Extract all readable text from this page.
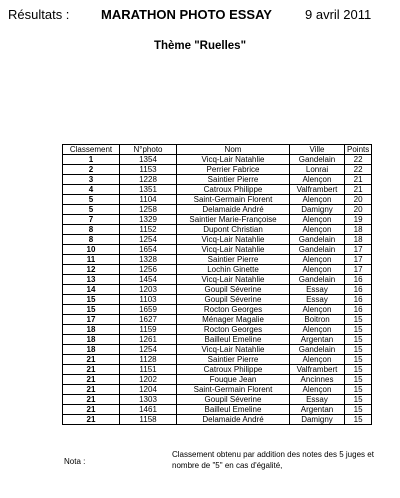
Résultats : MARATHON PHOTO ESSAY	9 avril 2011
Thème "Ruelles"
Classement	N°photo	Nom	Ville	Points
1	1354	Vicq-Lair Natahlie	Gandelain	22
2	1153	Perrier Fabrice	Lonrai	22
3	1228	Saintier Pierre	Alençon	21
4	1351	Catroux Philippe	Valframbert	21
5	1104	Saint-Germain Florent	Alençon	20
5	1258	Delamaide André	Damigny	20
7	1329	Saintier Marie-Françoise	Alençon	19
8	1152	Dupont Christian	Alençon	18
8	1254	Vicq-Lair Natahlie	Gandelain	18
10	1654	Vicq-Lair Natahlie	Gandelain	17
11	1328	Saintier Pierre	Alençon	17
12	1256	Lochin Ginette	Alençon	17
13	1454	Vicq-Lair Natahlie	Gandelain	16
14	1203	Goupil Séverine	Essay	16
15	1103	Goupil Séverine	Essay	16
15	1659	Rocton Georges	Alençon	16
17	1627	Ménager Magalie	Boitron	15
18	1159	Rocton Georges	Alençon	15
18	1261	Bailleul Emeline	Argentan	15
18	1254	Vicq-Lair Natahlie	Gandelain	15
21	1128	Saintier Pierre	Alençon	15
21	1151	Catroux Philippe	Valframbert	15
21	1202	Fouque Jean	Ancinnes	15
21	1204	Saint-Germain Florent	Alençon	15
21	1303	Goupil Séverine	Essay	15
21	1461	Bailleul Emeline	Argentan	15
21	1158	Delamaide André	Damigny	15
Nota :
Classement obtenu par addition des notes des 5 juges et nombre de "5" en cas d'égalité,
